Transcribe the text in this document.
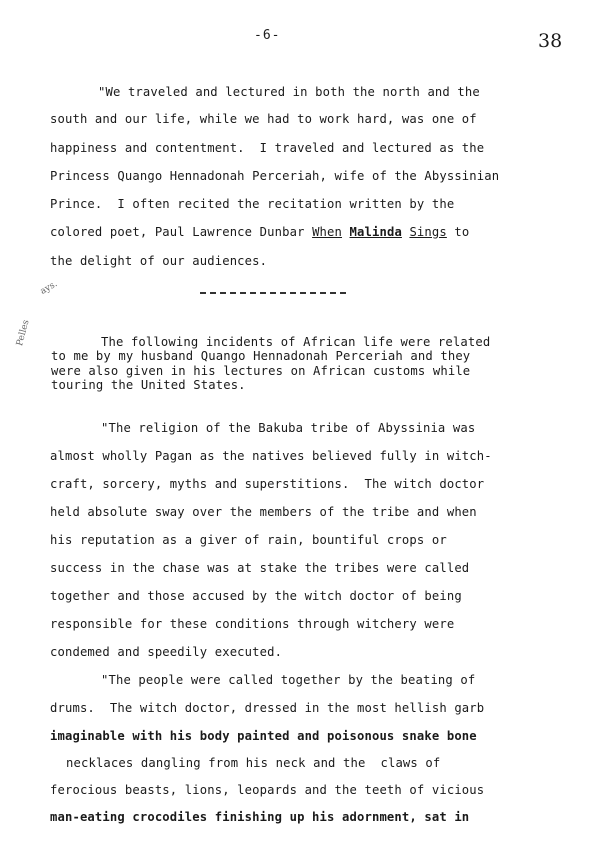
-6-	38
"We traveled and lectured in both the north and the
south and our life, while we had to work hard, was one of
happiness and contentment.  I traveled and lectured as the
Princess Quango Hennadonah Perceriah, wife of the Abyssinian
Prince.  I often recited the recitation written by the
colored poet, Paul Lawrence Dunbar When Malinda Sings to
the delight of our audiences.
ays.
Pelles	The following incidents of African life were related
to me by my husband Quango Hennadonah Perceriah and they
were also given in his lectures on African customs while
touring the United States.
"The religion of the Bakuba tribe of Abyssinia was
almost wholly Pagan as the natives believed fully in witch-
craft, sorcery, myths and superstitions.  The witch doctor
held absolute sway over the members of the tribe and when
his reputation as a giver of rain, bountiful crops or
success in the chase was at stake the tribes were called
together and those accused by the witch doctor of being
responsible for these conditions through witchery were
condemed and speedily executed.
"The people were called together by the beating of
drums.  The witch doctor, dressed in the most hellish garb
imaginable with his body painted and poisonous snake bone
necklaces dangling from his neck and the  claws of
ferocious beasts, lions, leopards and the teeth of vicious
man-eating crocodiles finishing up his adornment, sat in
